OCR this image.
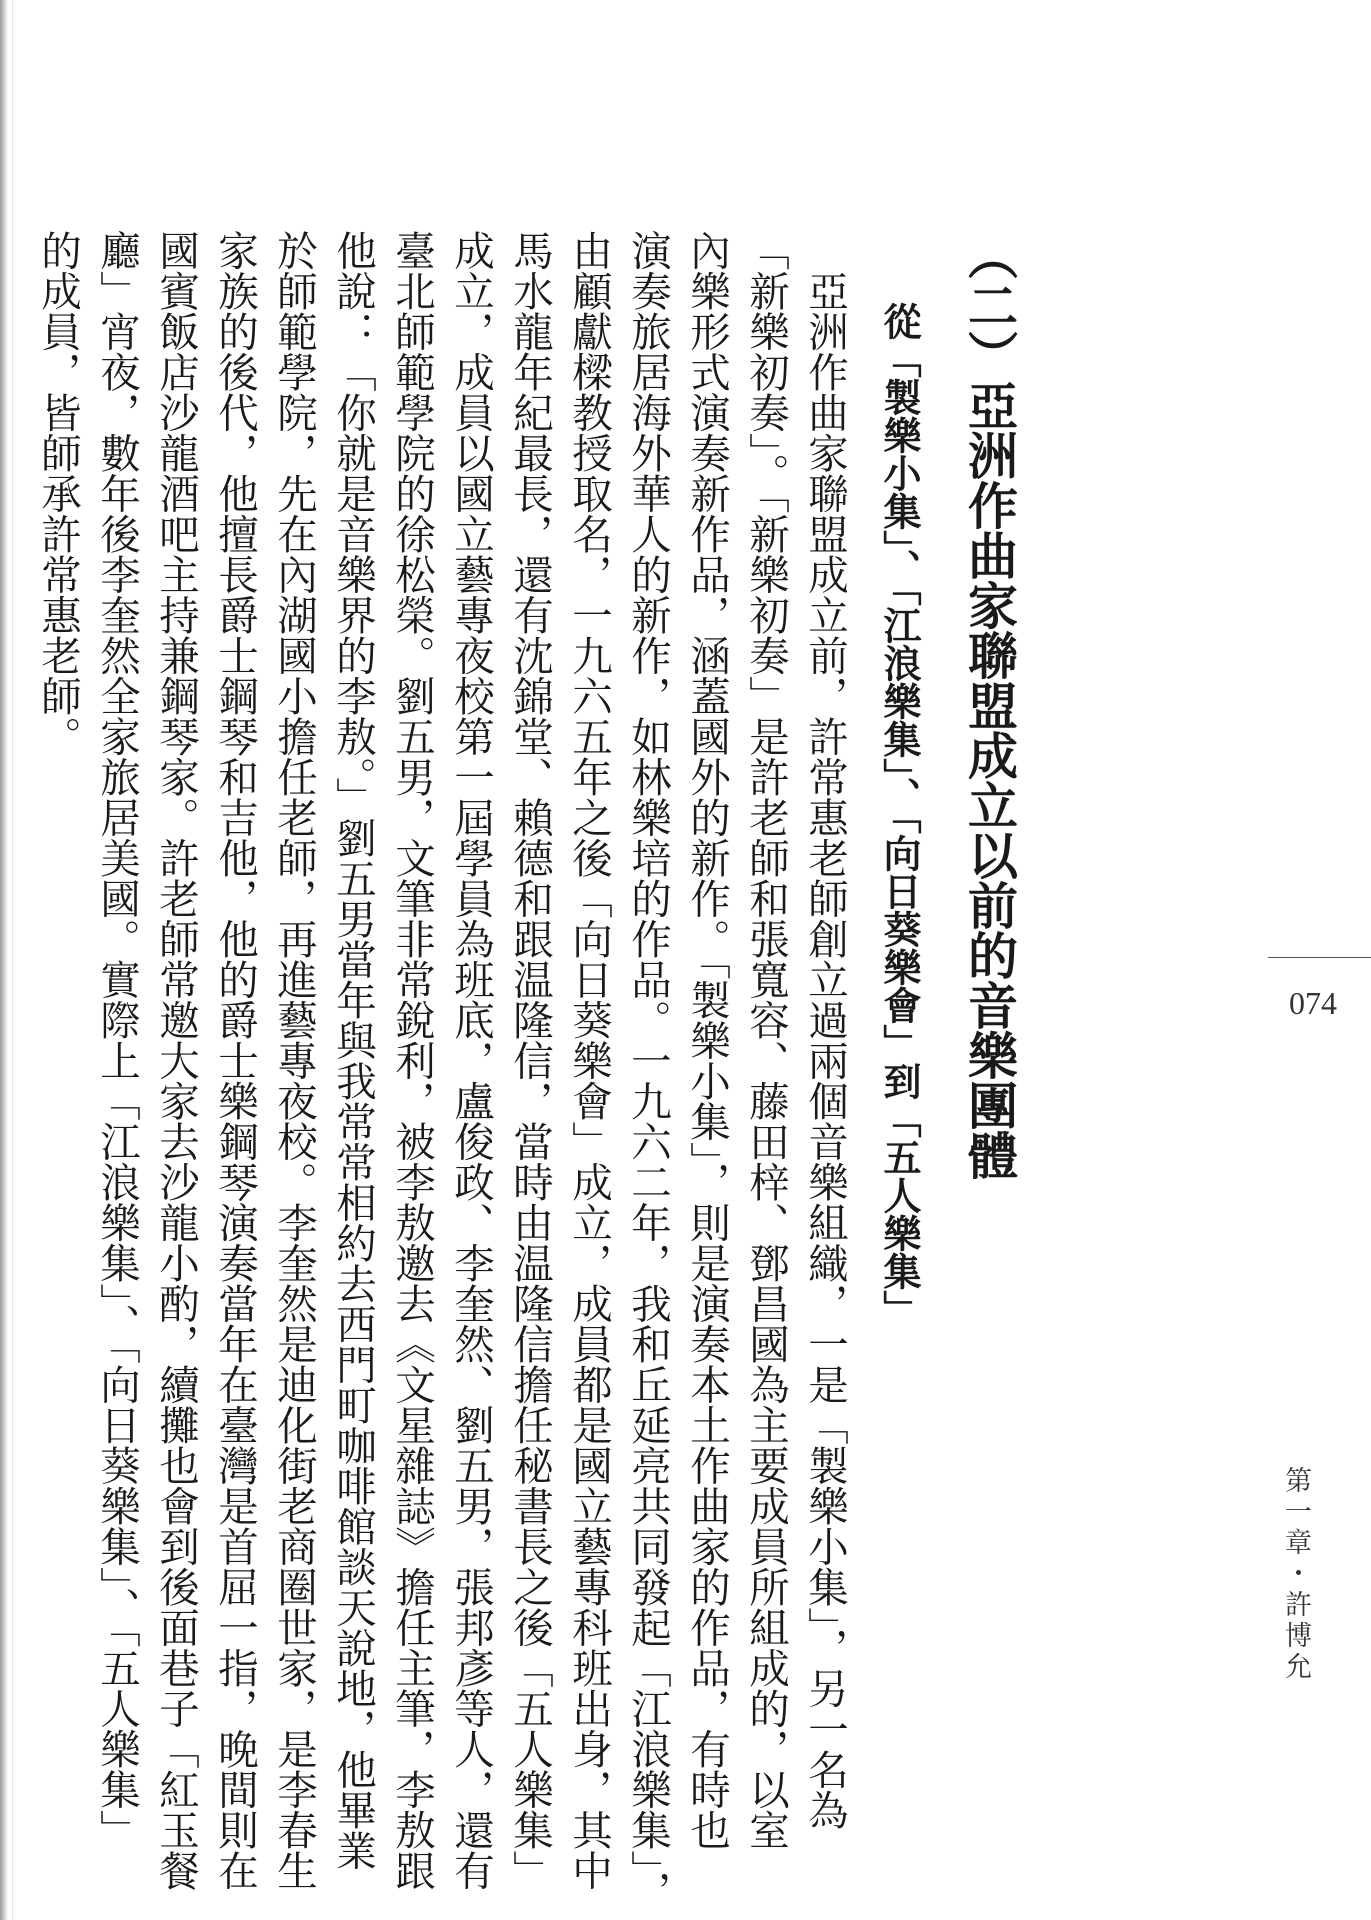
（二）亞洲作曲家聯盟成立以前的音樂團體
從「製樂小集」、「江浪樂集」、「向日葵樂會」到「五人樂集」
　亞洲作曲家聯盟成立前，許常惠老師創立過兩個音樂組織，一是「製樂小集」，另一名為
「新樂初奏」。「新樂初奏」是許老師和張寬容、藤田梓、鄧昌國為主要成員所組成的，以室
內樂形式演奏新作品，涵蓋國外的新作。「製樂小集」，則是演奏本土作曲家的作品，有時也
演奏旅居海外華人的新作，如林樂培的作品。一九六二年，我和丘延亮共同發起「江浪樂集」，
由顧獻樑教授取名，一九六五年之後「向日葵樂會」成立，成員都是國立藝專科班出身，其中
馬水龍年紀最長，還有沈錦堂、賴德和跟温隆信，當時由温隆信擔任秘書長之後「五人樂集」
成立，成員以國立藝專夜校第一屆學員為班底，盧俊政、李奎然、劉五男，張邦彥等人，還有
臺北師範學院的徐松榮。劉五男，文筆非常銳利，被李敖邀去《文星雜誌》擔任主筆，李敖跟
他說：「你就是音樂界的李敖。」劉五男當年與我常常相約去西門町咖啡館談天說地，他畢業
於師範學院，先在內湖國小擔任老師，再進藝專夜校。李奎然是迪化街老商圈世家，是李春生
家族的後代，他擅長爵士鋼琴和吉他，他的爵士樂鋼琴演奏當年在臺灣是首屈一指，晚間則在
國賓飯店沙龍酒吧主持兼鋼琴家。許老師常邀大家去沙龍小酌，續攤也會到後面巷子「紅玉餐
廳」宵夜，數年後李奎然全家旅居美國。實際上「江浪樂集」、「向日葵樂集」、「五人樂集」
的成員，皆師承許常惠老師。
074
第一章・許博允
